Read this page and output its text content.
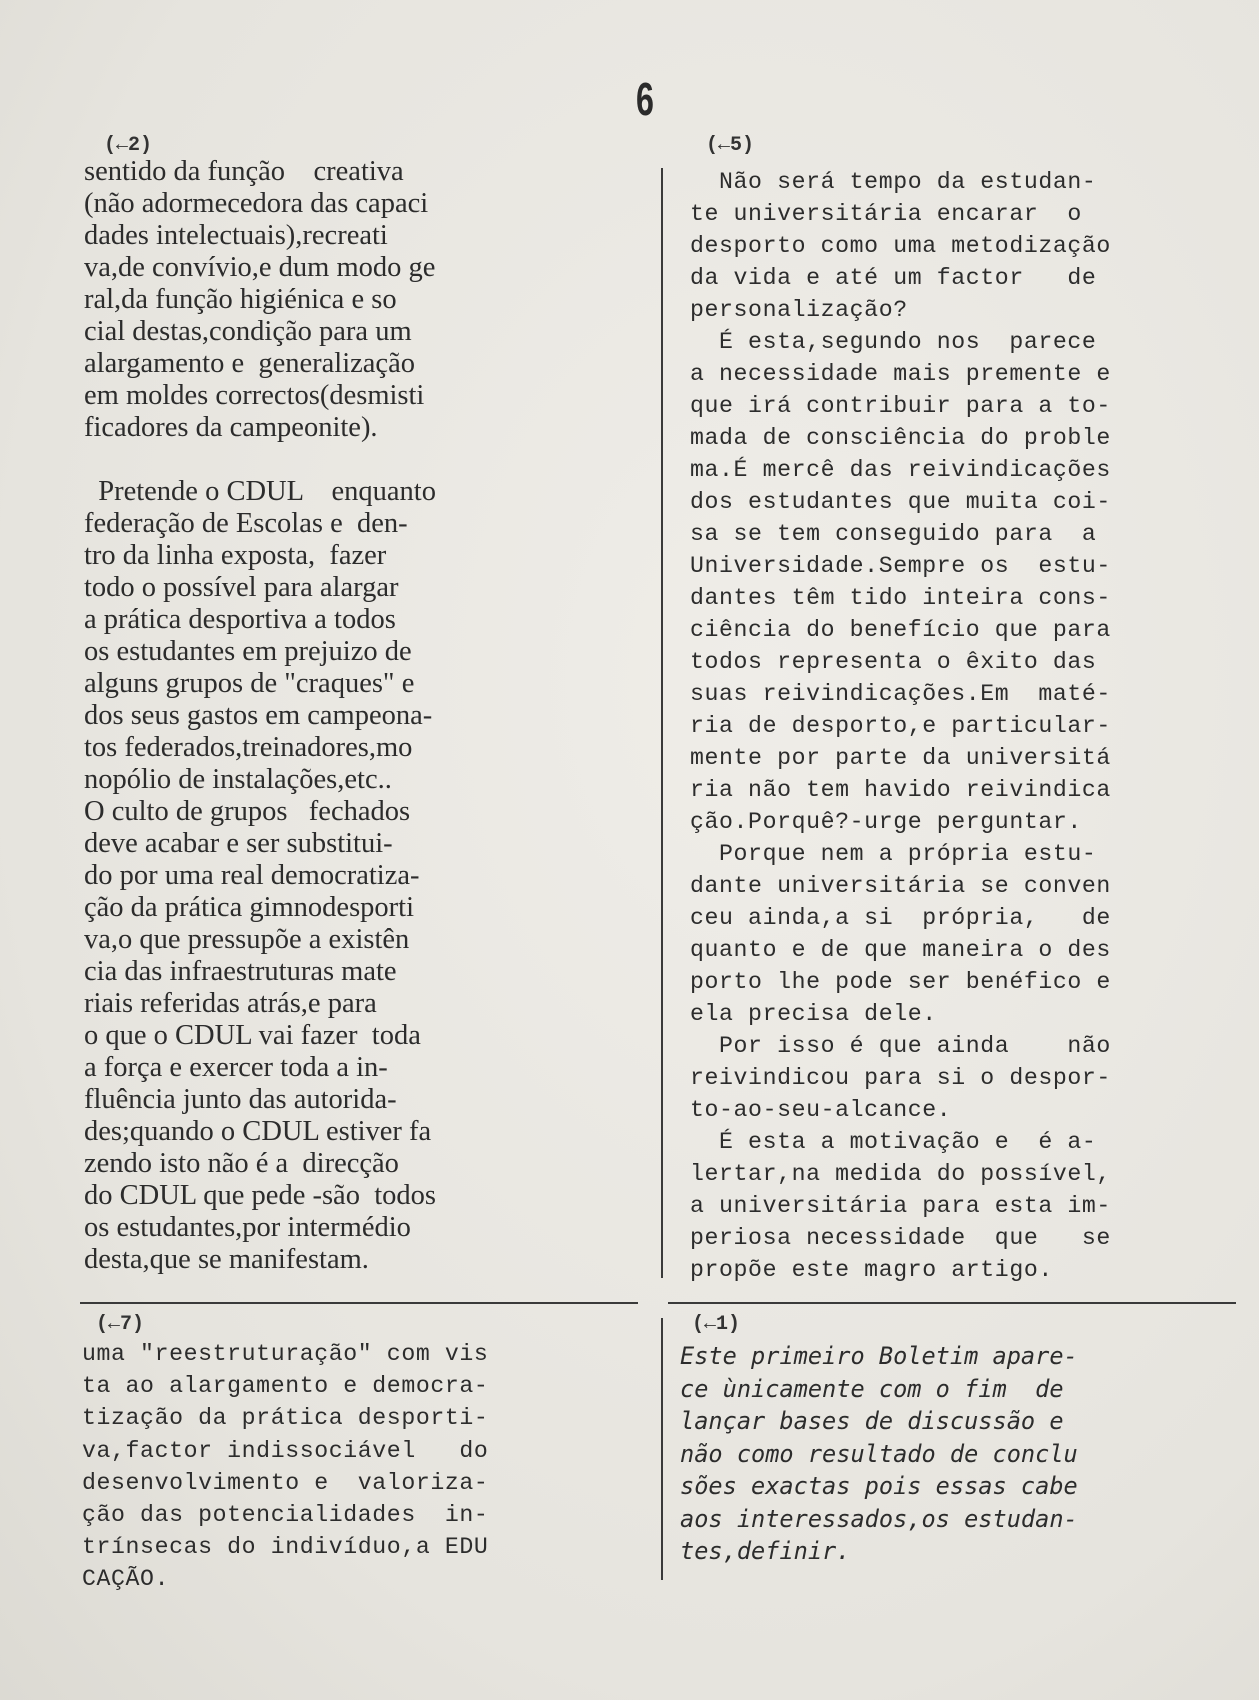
6
(←2)
sentido da função    creativa
(não adormecedora das capaci
dades intelectuais),recreati
va,de convívio,e dum modo ge
ral,da função higiénica e so
cial destas,condição para um
alargamento e  generalização
em moldes correctos(desmisti
ficadores da campeonite).

Pretende o CDUL    enquanto
federação de Escolas e  den-
tro da linha exposta,  fazer
todo o possível para alargar
a prática desportiva a todos
os estudantes em prejuizo de
alguns grupos de "craques" e
dos seus gastos em campeona-
tos federados,treinadores,mo
nopólio de instalações,etc..
O culto de grupos   fechados
deve acabar e ser substitui-
do por uma real democratiza-
ção da prática gimnodesporti
va,o que pressupõe a existên
cia das infraestruturas mate
riais referidas atrás,e para
o que o CDUL vai fazer  toda
a força e exercer toda a in-
fluência junto das autorida-
des;quando o CDUL estiver fa
zendo isto não é a  direcção
do CDUL que pede -são  todos
os estudantes,por intermédio
desta,que se manifestam.
(←5)
Não será tempo da estudan-
te universitária encarar  o
desporto como uma metodização
da vida e até um factor   de
personalização?
É esta,segundo nos  parece
a necessidade mais premente e
que irá contribuir para a to-
mada de consciência do proble
ma.É mercê das reivindicações
dos estudantes que muita coi-
sa se tem conseguido para  a
Universidade.Sempre os  estu-
dantes têm tido inteira cons-
ciência do benefício que para
todos representa o êxito das
suas reivindicações.Em  maté-
ria de desporto,e particular-
mente por parte da universitá
ria não tem havido reivindica
ção.Porquê?-urge perguntar.
Porque nem a própria estu-
dante universitária se conven
ceu ainda,a si  própria,   de
quanto e de que maneira o des
porto lhe pode ser benéfico e
ela precisa dele.
Por isso é que ainda    não
reivindicou para si o despor-
to-ao-seu-alcance.
É esta a motivação e  é a-
lertar,na medida do possível,
a universitária para esta im-
periosa necessidade  que   se
propõe este magro artigo.
(←7)
uma "reestruturação" com vis
ta ao alargamento e democra-
tização da prática desporti-
va,factor indissociável   do
desenvolvimento e  valoriza-
ção das potencialidades  in-
trínsecas do indivíduo,a EDU
CAÇÃO.
(←1)
Este primeiro Boletim apare-
ce ùnicamente com o fim  de
lançar bases de discussão e
não como resultado de conclu
sões exactas pois essas cabe
aos interessados,os estudan-
tes,definir.
